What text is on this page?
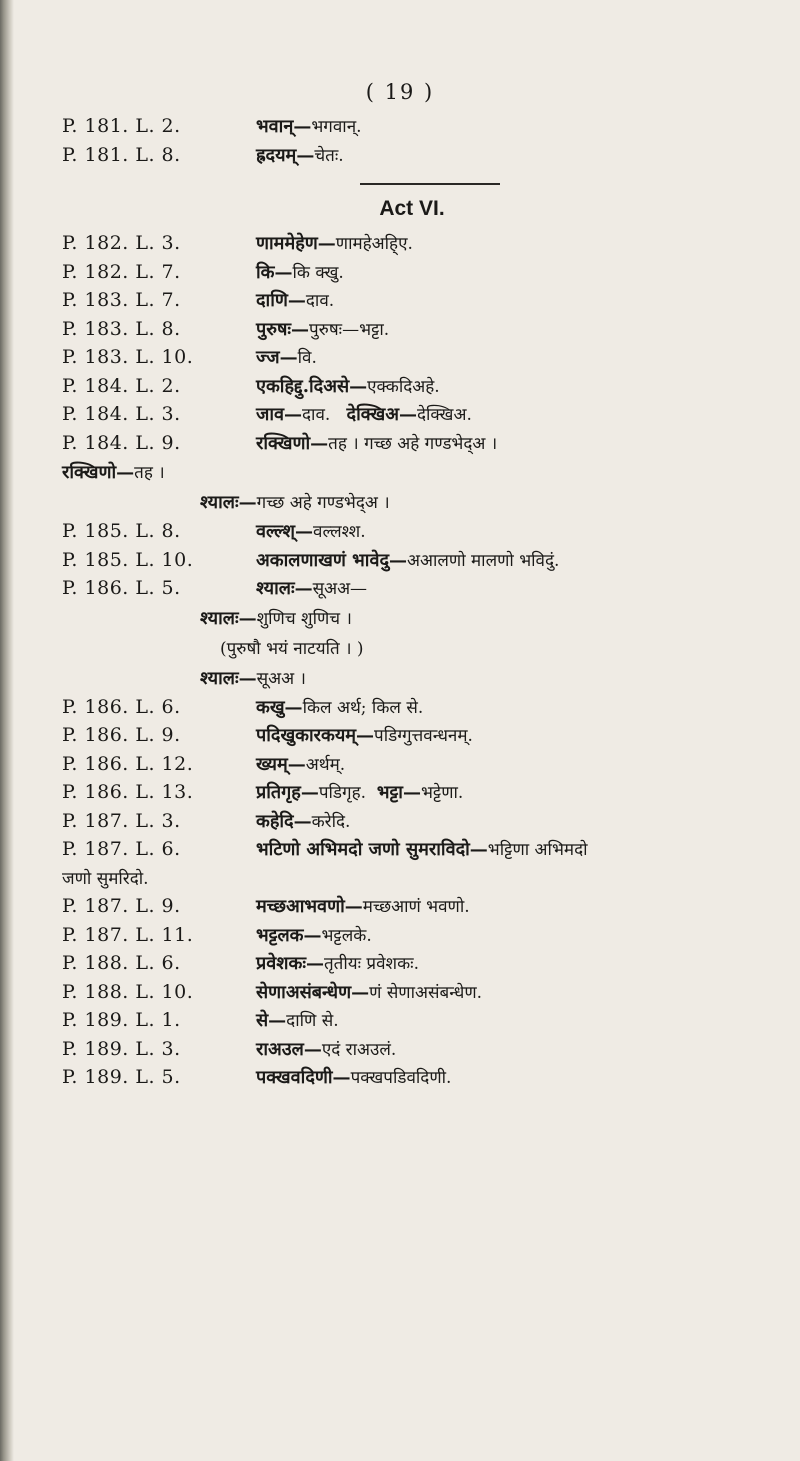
( 19 )
P. 181. L. 2.	भवान्—भगवान्.
P. 181. L. 8.	ह्रदयम्—चेतः.
Act VI.
P. 182. L. 3.	णाममेहेण—णामहेअहि्ए.
P. 182. L. 7.	कि—कि क्खु.
P. 183. L. 7.	दाणि—दाव.
P. 183. L. 8.	पुरुषः—पुरुषः—भट्टा.
P. 183. L. 10.	ज्ज—वि.
P. 184. L. 2.	एकहिद्दु.दिअसे—एक्कदिअहे.
P. 184. L. 3.	जाव—दाव. देक्खिअ—देक्खिअ.
P. 184. L. 9.	रक्खिणो—तह । गच्छ अहे गण्डभेद्अ ।
रक्खिणो—तह ।
श्यालः—गच्छ अहे गण्डभेद्अ ।
P. 185. L. 8.	वल्ल्श्—वल्लश्श.
P. 185. L. 10.	अकालणाखणं भावेदु—अआलणो मालणो भविदुं.
P. 186. L. 5.	श्यालः—सूअअ—
श्यालः—शुणिच शुणिच ।
(पुरुषौ भयं नाटयति । )
श्यालः—सूअअ ।
P. 186. L. 6.	कखु—किल अर्थ; किल से.
P. 186. L. 9.	पदिखुकारकयम्—पडिग्गुत्तवन्धनम्.
P. 186. L. 12.	ख्यम्—अर्थम्.
P. 186. L. 13.	प्रतिगृह—पडिगृह. भट्टा—भट्टेणा.
P. 187. L. 3.	कहेदि—करेदि.
P. 187. L. 6.	भटिणो अभिमदो जणो सुमराविदो—भट्टिणा अभिमदो
जणो सुमरिदो.
P. 187. L. 9.	मच्छआभवणो—मच्छआणं भवणो.
P. 187. L. 11.	भट्टलक—भट्टलके.
P. 188. L. 6.	प्रवेशकः—तृतीयः प्रवेशकः.
P. 188. L. 10.	सेणाअसंबन्धेण—णं सेणाअसंबन्धेण.
P. 189. L. 1.	से—दाणि से.
P. 189. L. 3.	राअउल—एदं राअउलं.
P. 189. L. 5.	पक्खवदिणी—पक्खपडिवदिणी.
